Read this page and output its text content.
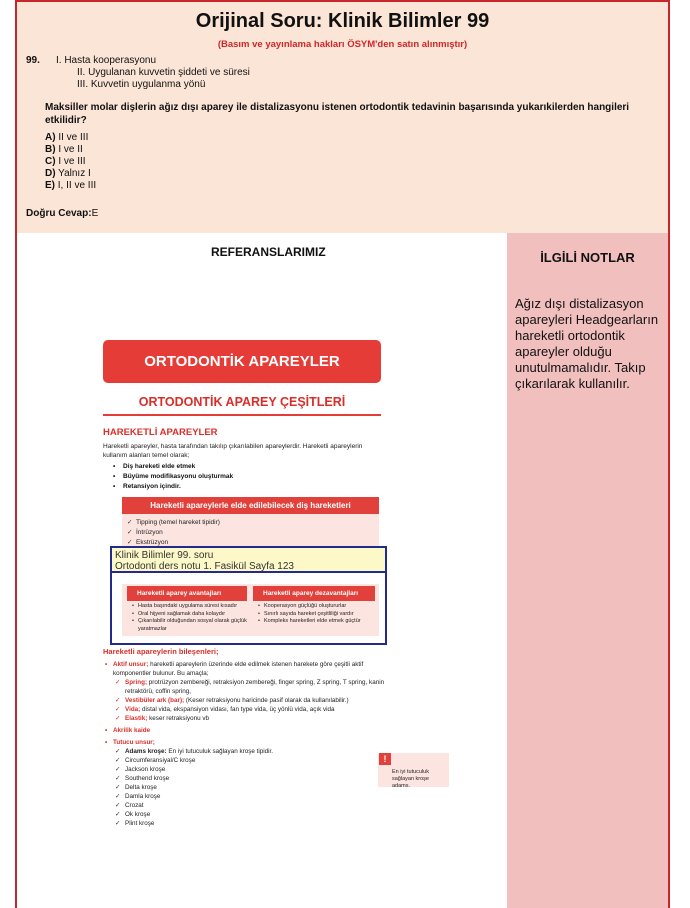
Orijinal Soru: Klinik Bilimler 99
(Basım ve yayınlama hakları ÖSYM'den satın alınmıştır)
99. I. Hasta kooperasyonu
II. Uygulanan kuvvetin şiddeti ve süresi
III. Kuvvetin uygulanma yönü
Maksiller molar dişlerin ağız dışı aparey ile distalizasyonu istenen ortodontik tedavinin başarısında yukarıkilerden hangileri etkilidir?
A) II ve III
B) I ve II
C) I ve III
D) Yalnız I
E) I, II ve III
Doğru Cevap:E
REFERANSLARIMIZ	İLGİLİ NOTLAR
Ağız dışı distalizasyon apareyleri Headgearların hareketli ortodontik apareyler olduğu unutulmamalıdır. Takıp çıkarılarak kullanılır.
ORTODONTİK APAREYLER
ORTODONTİK APAREY ÇEŞİTLERİ
HAREKETLİ APAREYLER
Hareketli apareyler, hasta tarafından takılıp çıkarılabilen apareylerdir. Hareketli apareylerin kullanım alanları temel olarak;
• Diş hareketi elde etmek
• Büyüme modifikasyonu oluşturmak
• Retansiyon içindir.
Hareketli apareylerle elde edilebilecek diş hareketleri
✓ Tipping (temel hareket tipidir)
✓ İntrüzyon
✓ Ekstrüzyon
Hareketli aparey avantajları	Hareketli aparey dezavantajları
• Hasta başındaki uygulama süresi kısadır
• Oral hijyeni sağlamak daha kolaydır
• Çıkarılabilir olduğundan sosyal olarak güçlük yaratmazlar
• Kooperasyon güçlüğü oluştururlar
• Sınırlı sayıda hareket çeşitliliği vardır
• Kompleks hareketleri elde etmek güçtür
Hareketli apareylerin bileşenleri;
• Aktif unsur; hareketli apareylerin üzerinde elde edilmek istenen harekete göre çeşitli aktif komponentler bulunur. Bu amaçla;
✓ Spring; protrüzyon zembereği, retraksiyon zembereği, finger spring, Z spring, T spring, kanin retraktörü, coffin spring,
✓ Vestibüler ark (bar); (Keser retraksiyonu haricinde pasif olarak da kullanılabilir.)
✓ Vida; distal vida, ekspansiyon vidası, fan type vida, üç yönlü vida, açık vida
✓ Elastik; keser retraksiyonu vb
• Akrilik kaide
• Tutucu unsur;
✓ Adams kroşe: En iyi tutuculuk sağlayan kroşe tipidir.
✓ Circumferansiyal/C kroşe
✓ Jackson kroşe
✓ Southend kroşe
✓ Delta kroşe
✓ Damla kroşe
✓ Crozat
✓ Ok kroşe
✓ Plint kroşe
!
En iyi tutuculuk sağlayan kroşe adams.
Klinik Bilimler 99. soru
Ortodonti ders notu 1. Fasikül Sayfa 123
